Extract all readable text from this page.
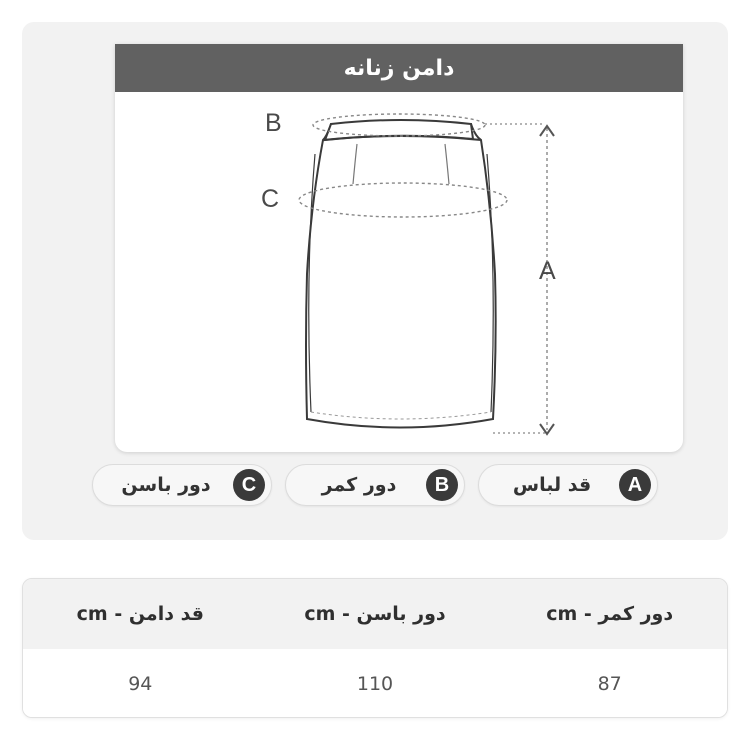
دامن زنانه
B
C
A
A
قد لباس
B
دور کمر
C
دور باسن
دور کمر - cm
دور باسن - cm
قد دامن - cm
87
110
94
